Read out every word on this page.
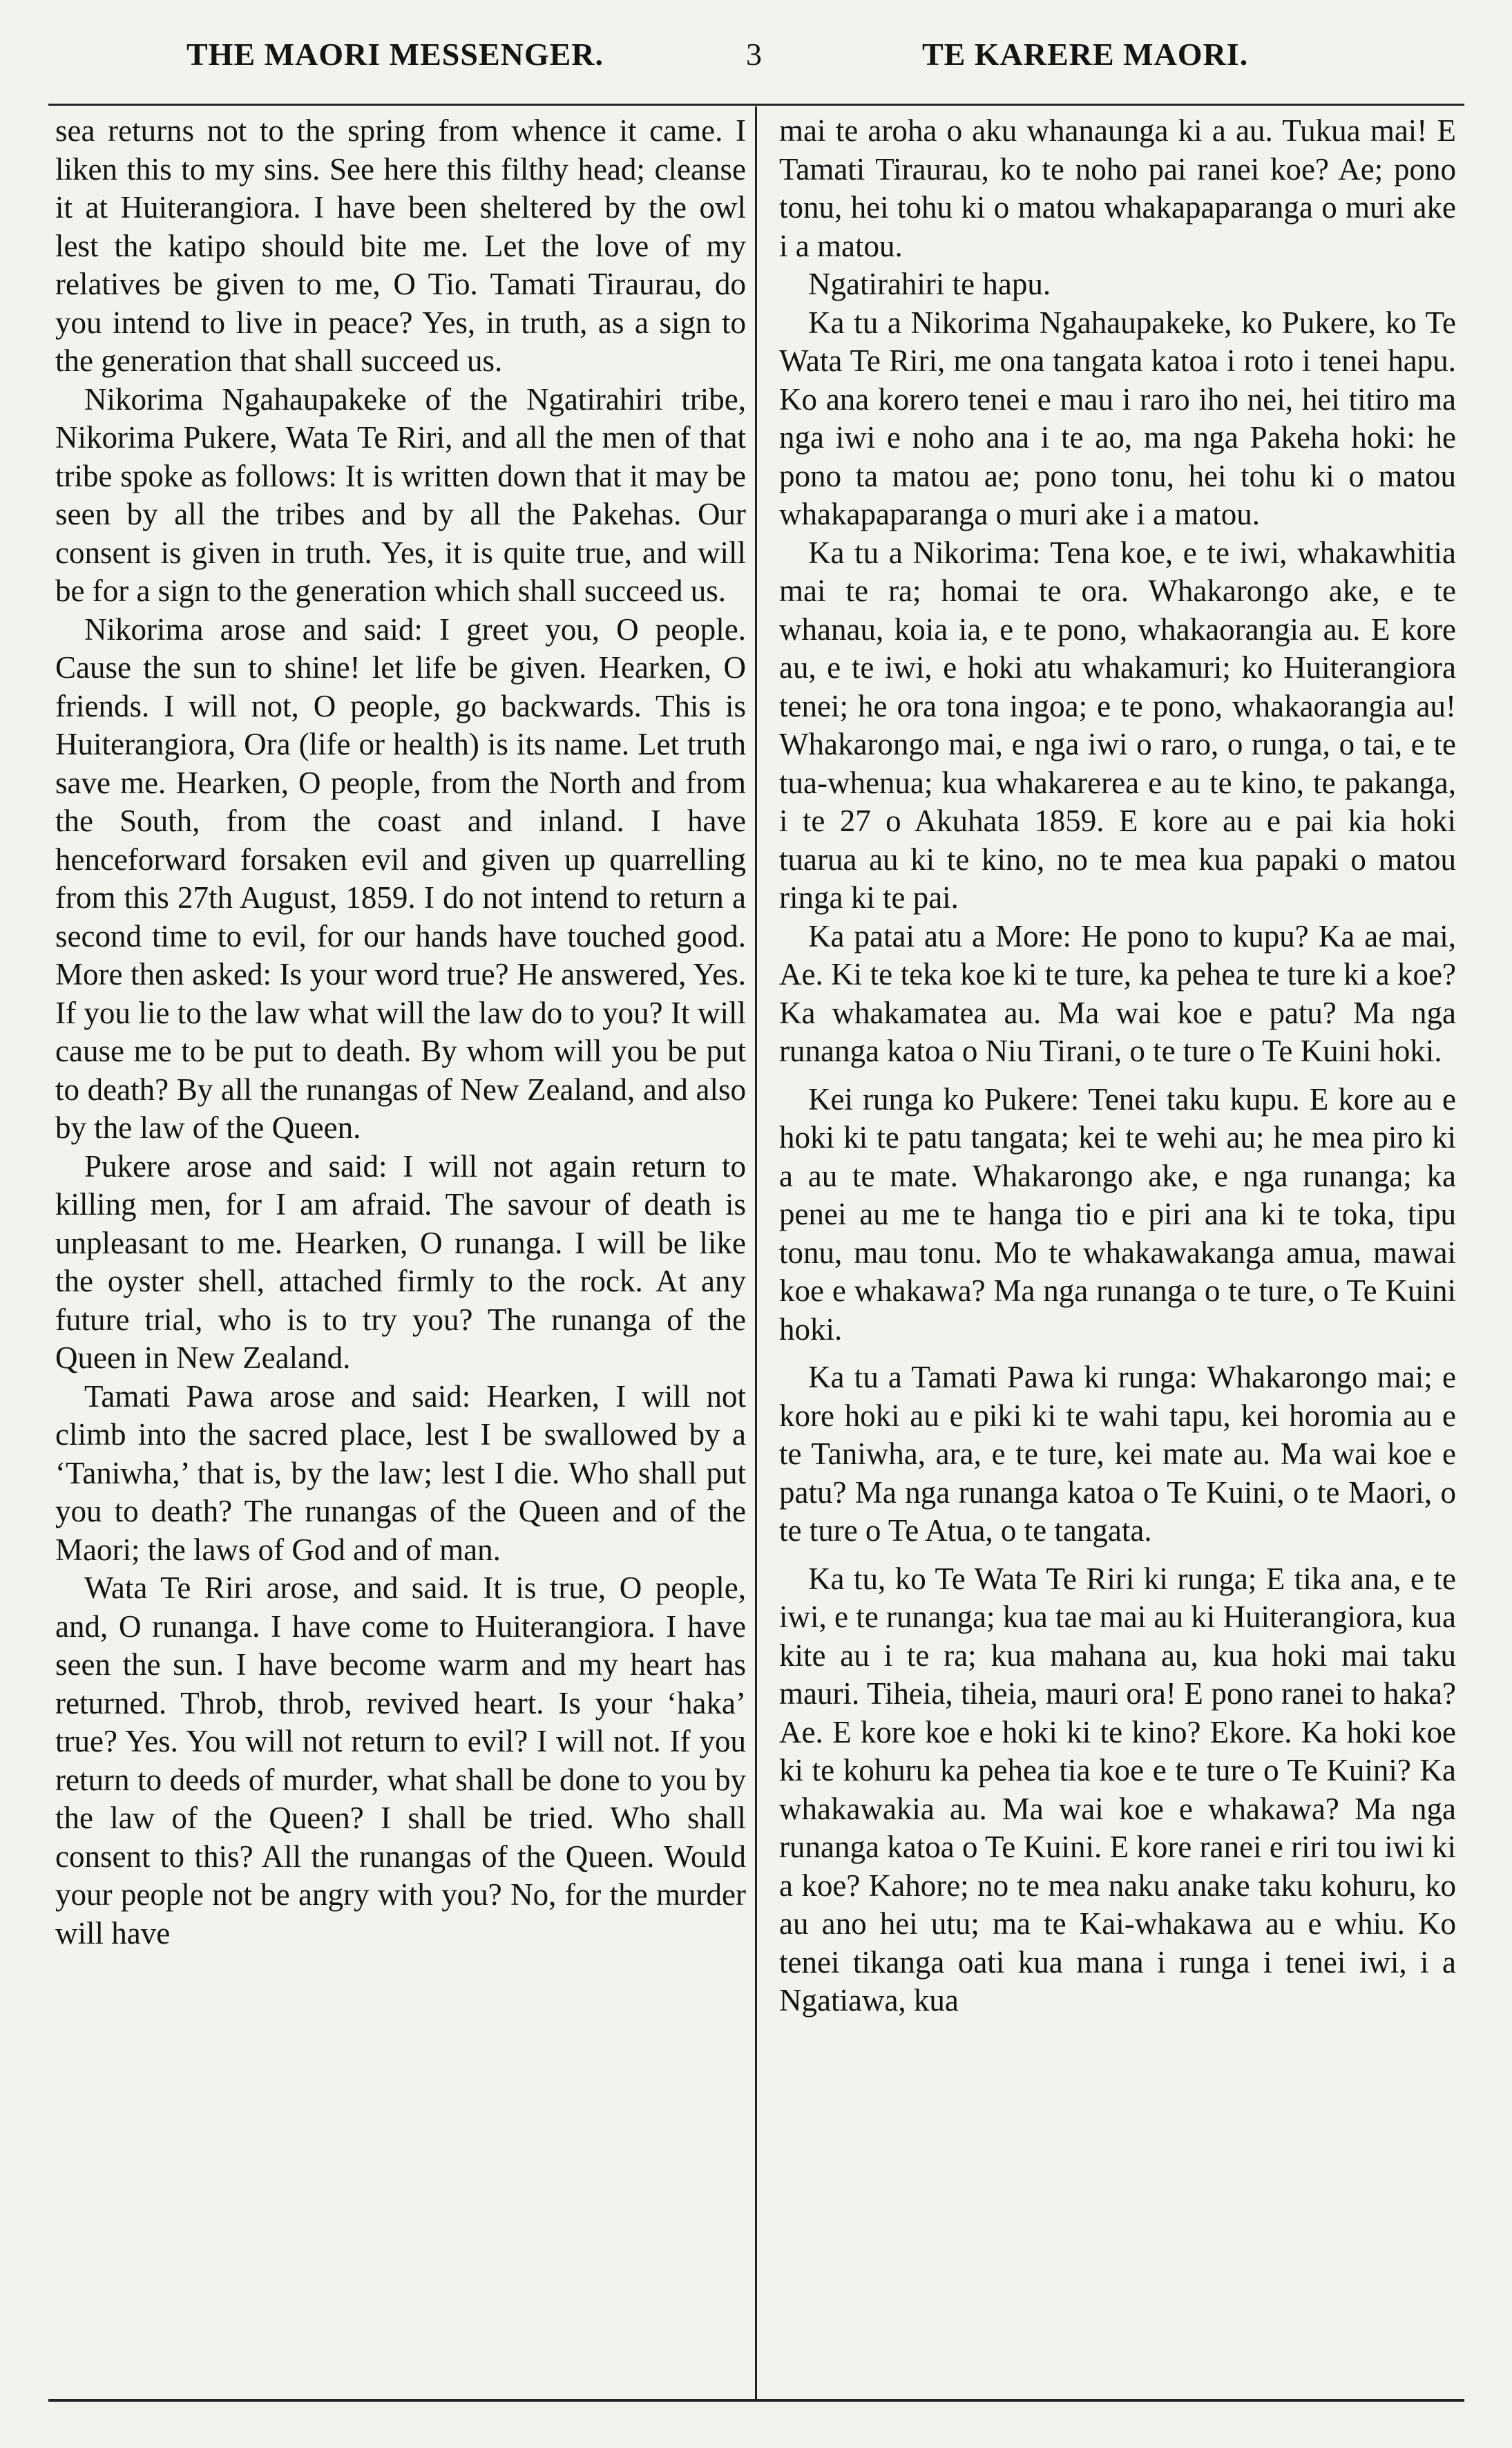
THE MAORI MESSENGER.	3	TE KARERE MAORI.

sea returns not to the spring from whence it came. I liken this to my sins. See here this filthy head; cleanse it at Huiterangiora. I have been sheltered by the owl lest the katipo should bite me. Let the love of my relatives be given to me, O Tio. Tamati Tiraurau, do you intend to live in peace? Yes, in truth, as a sign to the generation that shall succeed us.

Nikorima Ngahaupakeke of the Ngatirahiri tribe, Nikorima Pukere, Wata Te Riri, and all the men of that tribe spoke as follows: It is written down that it may be seen by all the tribes and by all the Pakehas. Our consent is given in truth. Yes, it is quite true, and will be for a sign to the generation which shall succeed us.

Nikorima arose and said: I greet you, O people. Cause the sun to shine! let life be given. Hearken, O friends. I will not, O people, go backwards. This is Huiterangiora, Ora (life or health) is its name. Let truth save me. Hearken, O people, from the North and from the South, from the coast and inland. I have henceforward forsaken evil and given up quarrelling from this 27th August, 1859. I do not intend to return a second time to evil, for our hands have touched good. More then asked: Is your word true? He answered, Yes. If you lie to the law what will the law do to you? It will cause me to be put to death. By whom will you be put to death? By all the runangas of New Zealand, and also by the law of the Queen.

Pukere arose and said: I will not again return to killing men, for I am afraid. The savour of death is unpleasant to me. Hearken, O runanga. I will be like the oyster shell, attached firmly to the rock. At any future trial, who is to try you? The runanga of the Queen in New Zealand.

Tamati Pawa arose and said: Hearken, I will not climb into the sacred place, lest I be swallowed by a ‘Taniwha,’ that is, by the law; lest I die. Who shall put you to death? The runangas of the Queen and of the Maori; the laws of God and of man.

Wata Te Riri arose, and said. It is true, O people, and, O runanga. I have come to Huiterangiora. I have seen the sun. I have become warm and my heart has returned. Throb, throb, revived heart. Is your ‘haka’ true? Yes. You will not return to evil? I will not. If you return to deeds of murder, what shall be done to you by the law of the Queen? I shall be tried. Who shall consent to this? All the runangas of the Queen. Would your people not be angry with you? No, for the murder will have

mai te aroha o aku whanaunga ki a au. Tukua mai! E Tamati Tiraurau, ko te noho pai ranei koe? Ae; pono tonu, hei tohu ki o matou whakapaparanga o muri ake i a matou.

Ngatirahiri te hapu.

Ka tu a Nikorima Ngahaupakeke, ko Pukere, ko Te Wata Te Riri, me ona tangata katoa i roto i tenei hapu. Ko ana korero tenei e mau i raro iho nei, hei titiro ma nga iwi e noho ana i te ao, ma nga Pakeha hoki: he pono ta matou ae; pono tonu, hei tohu ki o matou whakapaparanga o muri ake i a matou.

Ka tu a Nikorima: Tena koe, e te iwi, whakawhitia mai te ra; homai te ora. Whakarongo ake, e te whanau, koia ia, e te pono, whakaorangia au. E kore au, e te iwi, e hoki atu whakamuri; ko Huiterangiora tenei; he ora tona ingoa; e te pono, whakaorangia au! Whakarongo mai, e nga iwi o raro, o runga, o tai, e te tua-whenua; kua whakarerea e au te kino, te pakanga, i te 27 o Akuhata 1859. E kore au e pai kia hoki tuarua au ki te kino, no te mea kua papaki o matou ringa ki te pai.

Ka patai atu a More: He pono to kupu? Ka ae mai, Ae. Ki te teka koe ki te ture, ka pehea te ture ki a koe? Ka whakamatea au. Ma wai koe e patu? Ma nga runanga katoa o Niu Tirani, o te ture o Te Kuini hoki.

Kei runga ko Pukere: Tenei taku kupu. E kore au e hoki ki te patu tangata; kei te wehi au; he mea piro ki a au te mate. Whakarongo ake, e nga runanga; ka penei au me te hanga tio e piri ana ki te toka, tipu tonu, mau tonu. Mo te whakawakanga amua, mawai koe e whakawa? Ma nga runanga o te ture, o Te Kuini hoki.

Ka tu a Tamati Pawa ki runga: Whakarongo mai; e kore hoki au e piki ki te wahi tapu, kei horomia au e te Taniwha, ara, e te ture, kei mate au. Ma wai koe e patu? Ma nga runanga katoa o Te Kuini, o te Maori, o te ture o Te Atua, o te tangata.

Ka tu, ko Te Wata Te Riri ki runga; E tika ana, e te iwi, e te runanga; kua tae mai au ki Huiterangiora, kua kite au i te ra; kua mahana au, kua hoki mai taku mauri. Tiheia, tiheia, mauri ora! E pono ranei to haka? Ae. E kore koe e hoki ki te kino? Ekore. Ka hoki koe ki te kohuru ka pehea tia koe e te ture o Te Kuini? Ka whakawakia au. Ma wai koe e whakawa? Ma nga runanga katoa o Te Kuini. E kore ranei e riri tou iwi ki a koe? Kahore; no te mea naku anake taku kohuru, ko au ano hei utu; ma te Kai-whakawa au e whiu. Ko tenei tikanga oati kua mana i runga i tenei iwi, i a Ngatiawa, kua
